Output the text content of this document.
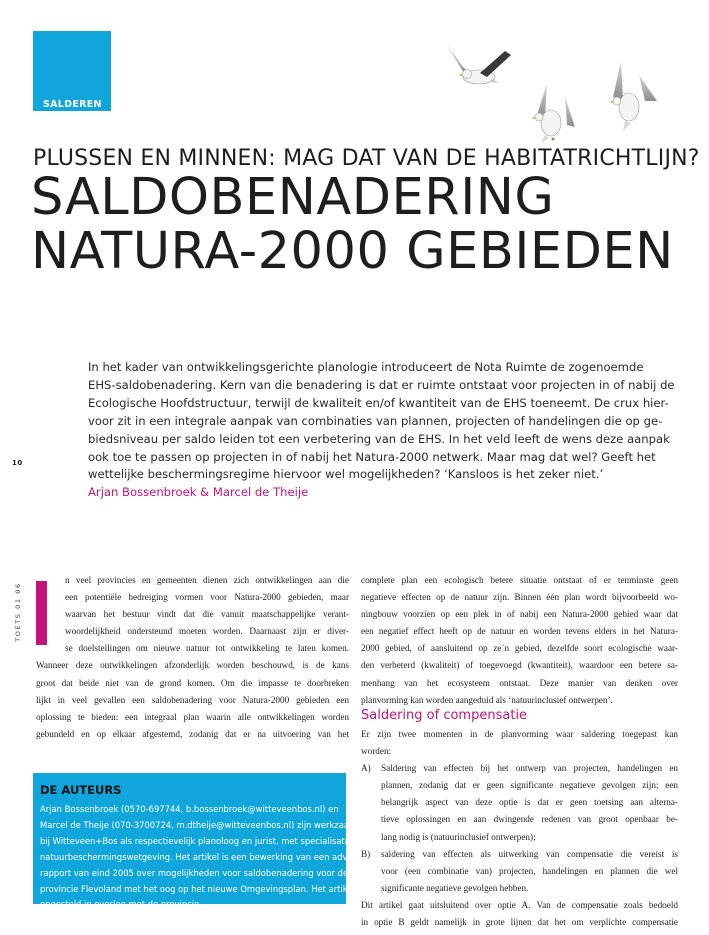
SALDEREN
PLUSSEN EN MINNEN: MAG DAT VAN DE HABITATRICHTLIJN?
SALDOBENADERING
NATURA-2000 GEBIEDEN

In het kader van ontwikkelingsgerichte planologie introduceert de Nota Ruimte de zogenoemde
EHS-saldobenadering. Kern van die benadering is dat er ruimte ontstaat voor projecten in of nabij de
Ecologische Hoofdstructuur, terwijl de kwaliteit en/of kwantiteit van de EHS toeneemt. De crux hier-
voor zit in een integrale aanpak van combinaties van plannen, projecten of handelingen die op ge-
biedsniveau per saldo leiden tot een verbetering van de EHS. In het veld leeft de wens deze aanpak
ook toe te passen op projecten in of nabij het Natura-2000 netwerk. Maar mag dat wel? Geeft het
wettelijke beschermingsregime hiervoor wel mogelijkheden? ‘Kansloos is het zeker niet.’
Arjan Bossenbroek & Marcel de Theije

10
TOETS 01 06
n veel provincies en gemeenten dienen zich ontwikkelingen aan die
een potentiële bedreiging vormen voor Natura-2000 gebieden, maar
waarvan het bestuur vindt dat die vanuit maatschappelijke verant-
woordelijkheid ondersteund moeten worden. Daarnaast zijn er diver-
se doelstellingen om nieuwe natuur tot ontwikkeling te laten komen.
Wanneer deze ontwikkelingen afzonderlijk worden beschouwd, is de kans
groot dat beide niet van de grond komen. Om die impasse te doorbreken
lijkt in veel gevallen een saldobenadering voor Natura-2000 gebieden een
oplossing te bieden: een integraal plan waarin alle ontwikkelingen worden
gebundeld en op elkaar afgestemd, zodanig dat er na uitvoering van het
complete plan een ecologisch betere situatie ontstaat of er tenminste geen
negatieve effecten op de natuur zijn. Binnen één plan wordt bijvoorbeeld wo-
ningbouw voorzien op een plek in of nabij een Natura-2000 gebied waar dat
een negatief effect heeft op de natuur en worden tevens elders in het Natura-
2000 gebied, of aansluitend op ze´n gebied, dezelfde soort ecologische waar-
den verbeterd (kwaliteit) of toegevoegd (kwantiteit), waardoor een betere sa-
menhang van het ecosysteem ontstaat. Deze manier van denken over
planvorming kan worden aangeduid als ‘natuurinclusief ontwerpen’.
Saldering of compensatie
Er zijn twee momenten in de planvorming waar saldering toegepast kan
worden:
A) Saldering van effecten bij het ontwerp van projecten, handelingen en
plannen, zodanig dat er geen significante negatieve gevolgen zijn; een
belangrijk aspect van deze optie is dat er geen toetsing aan alterna-
tieve oplossingen en aan dwingende redenen van groot openbaar be-
lang nodig is (natuurinclusief ontwerpen);
B) saldering van effecten als uitwerking van compensatie die vereist is
voor (een combinatie van) projecten, handelingen en plannen die wel
significante negatieve gevolgen hebben.
Dit artikel gaat uitsluitend over optie A. Van de compensatie zoals bedoeld
in optie B geldt namelijk in grote lijnen dat het om verplichte compensatie
DE AUTEURS
Arjan Bossenbroek (0570-697744, b.bossenbroek@witteveenbos.nl) en
Marcel de Theije (070-3700724, m.dtheije@witteveenbos.nl) zijn werkzaam
bij Witteveen+Bos als respectievelijk planoloog en jurist, met specialisatie
natuurbeschermingswetgeving. Het artikel is een bewerking van een advies-
rapport van eind 2005 over mogelijkheden voor saldobenadering voor de
provincie Flevoland met het oog op het nieuwe Omgevingsplan. Het artikel is
opgesteld in overleg met de provincie
